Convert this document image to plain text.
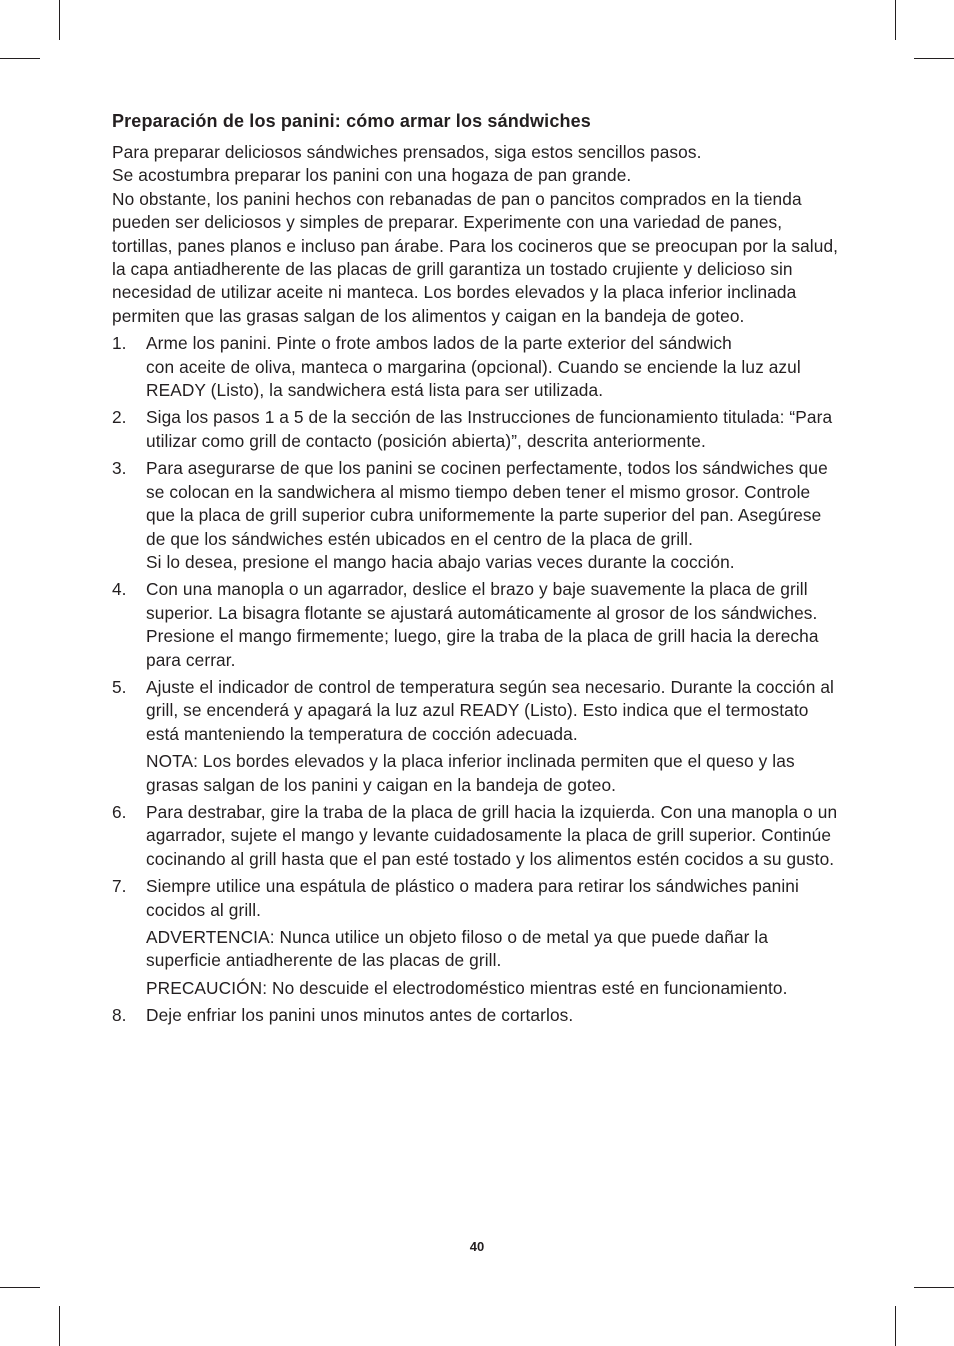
Preparación de los panini: cómo armar los sándwiches

Para preparar deliciosos sándwiches prensados, siga estos sencillos pasos.

Se acostumbra preparar los panini con una hogaza de pan grande.

No obstante, los panini hechos con rebanadas de pan o pancitos comprados en la tienda pueden ser deliciosos y simples de preparar. Experimente con una variedad de panes, tortillas, panes planos e incluso pan árabe. Para los cocineros que se preocupan por la salud, la capa antiadherente de las placas de grill garantiza un tostado crujiente y delicioso sin necesidad de utilizar aceite ni manteca. Los bordes elevados y la placa inferior inclinada permiten que las grasas salgan de los alimentos y caigan en la bandeja de goteo.

1. Arme los panini. Pinte o frote ambos lados de la parte exterior del sándwich

con aceite de oliva, manteca o margarina (opcional). Cuando se enciende la luz azul READY (Listo), la sandwichera está lista para ser utilizada.

2. Siga los pasos 1 a 5 de la sección de las Instrucciones de funcionamiento titulada: “Para utilizar como grill de contacto (posición abierta)”, descrita anteriormente.

3. Para asegurarse de que los panini se cocinen perfectamente, todos los sándwiches que se colocan en la sandwichera al mismo tiempo deben tener el mismo grosor. Controle que la placa de grill superior cubra uniformemente la parte superior del pan. Asegúrese de que los sándwiches estén ubicados en el centro de la placa de grill.

Si lo desea, presione el mango hacia abajo varias veces durante la cocción.

4. Con una manopla o un agarrador, deslice el brazo y baje suavemente la placa de grill superior. La bisagra flotante se ajustará automáticamente al grosor de los sándwiches. Presione el mango firmemente; luego, gire la traba de la placa de grill hacia la derecha para cerrar.

5. Ajuste el indicador de control de temperatura según sea necesario. Durante la cocción al grill, se encenderá y apagará la luz azul READY (Listo). Esto indica que el termostato está manteniendo la temperatura de cocción adecuada.

NOTA: Los bordes elevados y la placa inferior inclinada permiten que el queso y las grasas salgan de los panini y caigan en la bandeja de goteo.

6. Para destrabar, gire la traba de la placa de grill hacia la izquierda. Con una manopla o un agarrador, sujete el mango y levante cuidadosamente la placa de grill superior. Continúe cocinando al grill hasta que el pan esté tostado y los alimentos estén cocidos a su gusto.

7. Siempre utilice una espátula de plástico o madera para retirar los sándwiches panini cocidos al grill.

ADVERTENCIA: Nunca utilice un objeto filoso o de metal ya que puede dañar la superficie antiadherente de las placas de grill.

PRECAUCIÓN: No descuide el electrodoméstico mientras esté en funcionamiento.

8. Deje enfriar los panini unos minutos antes de cortarlos.

40
